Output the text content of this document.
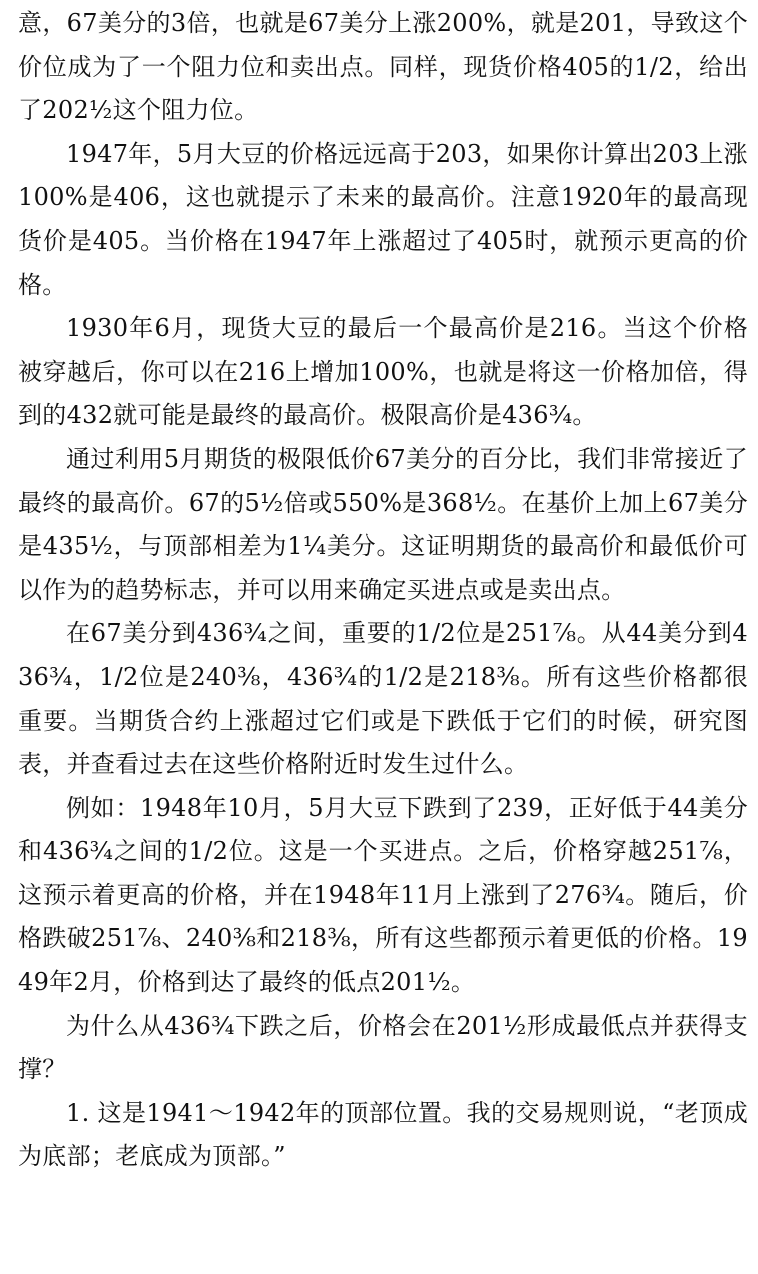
意，67美分的3倍，也就是67美分上涨200%，就是201，导致这个价位成为了一个阻力位和卖出点。同样，现货价格405的1/2，给出了202½这个阻力位。

1947年，5月大豆的价格远远高于203，如果你计算出203上涨100%是406，这也就提示了未来的最高价。注意1920年的最高现货价是405。当价格在1947年上涨超过了405时，就预示更高的价格。

1930年6月，现货大豆的最后一个最高价是216。当这个价格被穿越后，你可以在216上增加100%，也就是将这一价格加倍，得到的432就可能是最终的最高价。极限高价是436¾。

通过利用5月期货的极限低价67美分的百分比，我们非常接近了最终的最高价。67的5½倍或550%是368½。在基价上加上67美分是435½，与顶部相差为1¼美分。这证明期货的最高价和最低价可以作为的趋势标志，并可以用来确定买进点或是卖出点。

在67美分到436¾之间，重要的1/2位是251⅞。从44美分到436¾，1/2位是240⅜，436¾的1/2是218⅜。所有这些价格都很重要。当期货合约上涨超过它们或是下跌低于它们的时候，研究图表，并查看过去在这些价格附近时发生过什么。

例如：1948年10月，5月大豆下跌到了239，正好低于44美分和436¾之间的1/2位。这是一个买进点。之后，价格穿越251⅞，这预示着更高的价格，并在1948年11月上涨到了276¾。随后，价格跌破251⅞、240⅜和218⅜，所有这些都预示着更低的价格。1949年2月，价格到达了最终的低点201½。

为什么从436¾下跌之后，价格会在201½形成最低点并获得支撑？

1. 这是1941～1942年的顶部位置。我的交易规则说，“老顶成为底部；老底成为顶部。”
